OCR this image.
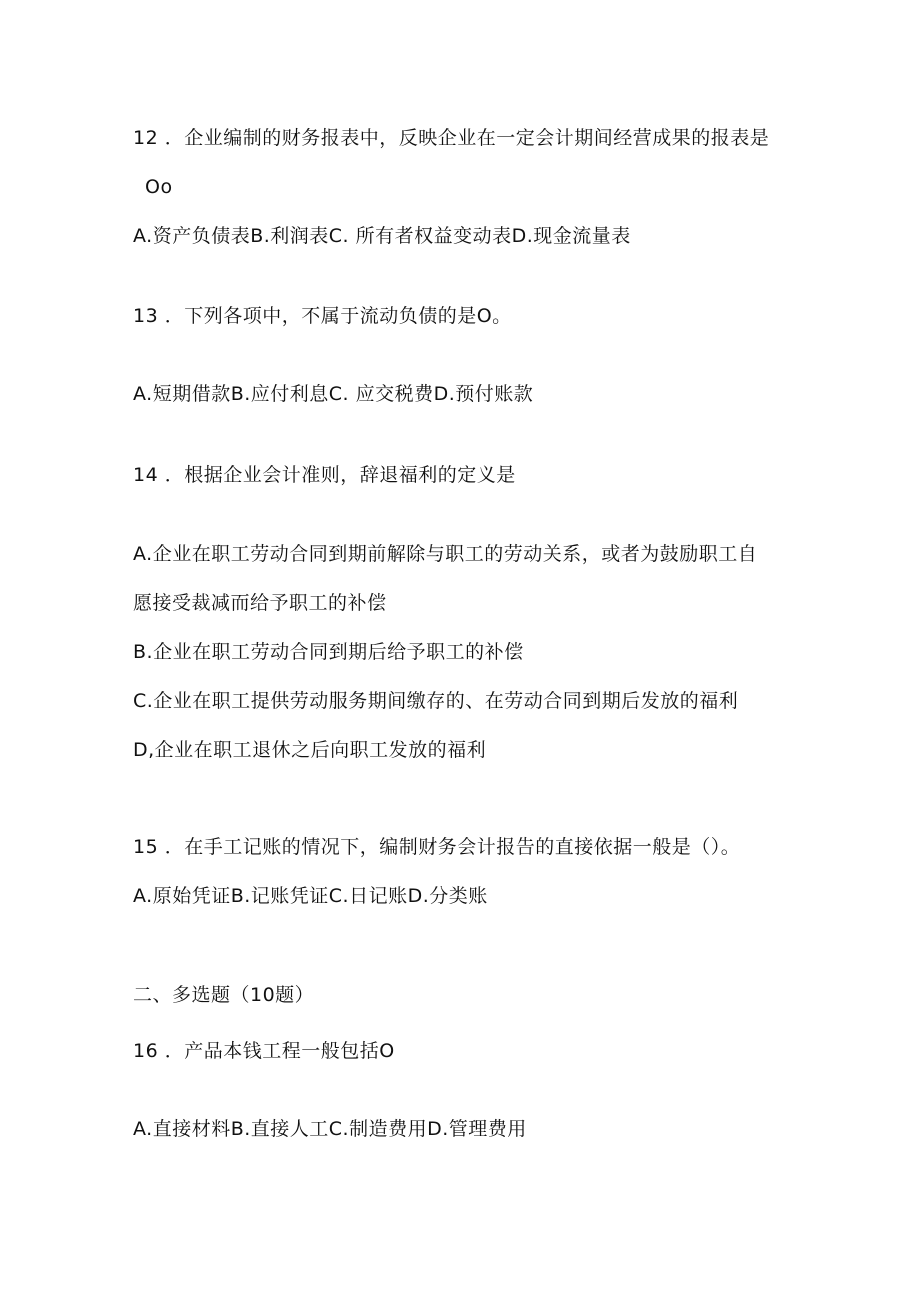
12 ．企业编制的财务报表中，反映企业在一定会计期间经营成果的报表是
Oo
A.资产负债表B.利润表C. 所有者权益变动表D.现金流量表
13 ．下列各项中，不属于流动负债的是O。
A.短期借款B.应付利息C. 应交税费D.预付账款
14 ．根据企业会计准则，辞退福利的定义是
A.企业在职工劳动合同到期前解除与职工的劳动关系，或者为鼓励职工自
愿接受裁减而给予职工的补偿
B.企业在职工劳动合同到期后给予职工的补偿
C.企业在职工提供劳动服务期间缴存的、在劳动合同到期后发放的福利
D,企业在职工退休之后向职工发放的福利
15 ．在手工记账的情况下，编制财务会计报告的直接依据一般是（）。
A.原始凭证B.记账凭证C.日记账D.分类账
二、多选题（10题）
16 ．产品本钱工程一般包括O
A.直接材料B.直接人工C.制造费用D.管理费用
